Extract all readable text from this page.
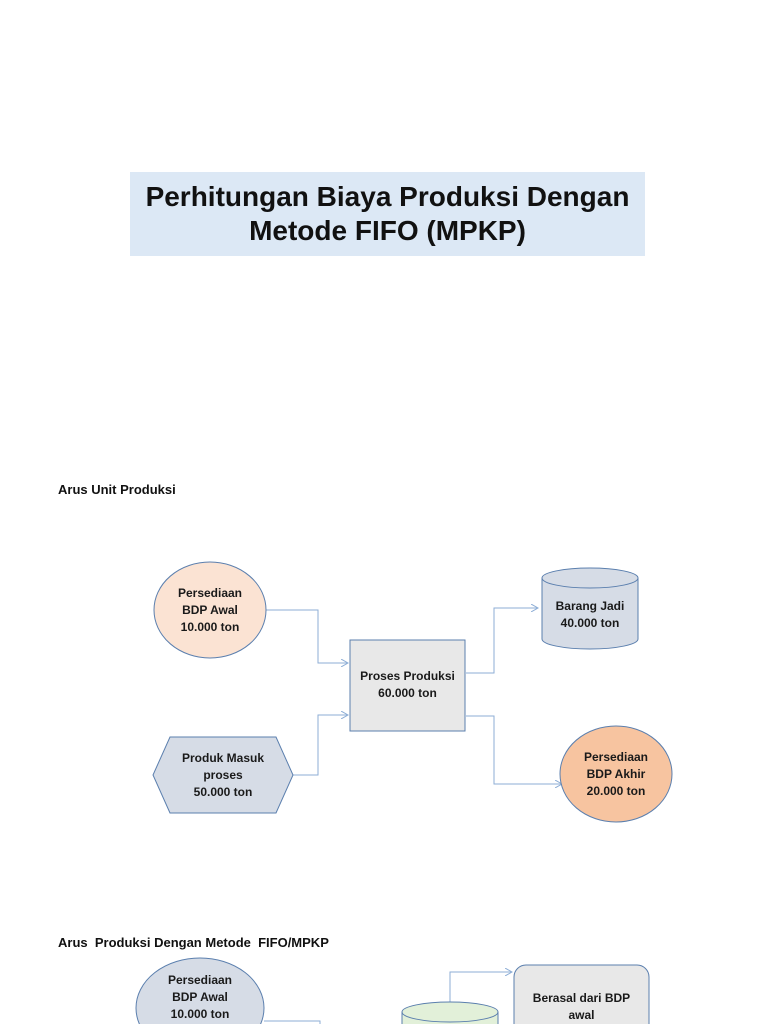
Perhitungan Biaya Produksi Dengan
Metode FIFO (MPKP)
Arus Unit Produksi
Arus  Produksi Dengan Metode  FIFO/MPKP
Persediaan
BDP Awal
10.000 ton
Produk Masuk
proses
50.000 ton
Proses Produksi
60.000 ton
Barang Jadi
40.000 ton
Persediaan
BDP Akhir
20.000 ton
Persediaan
BDP Awal
10.000 ton
Berasal dari BDP
awal
